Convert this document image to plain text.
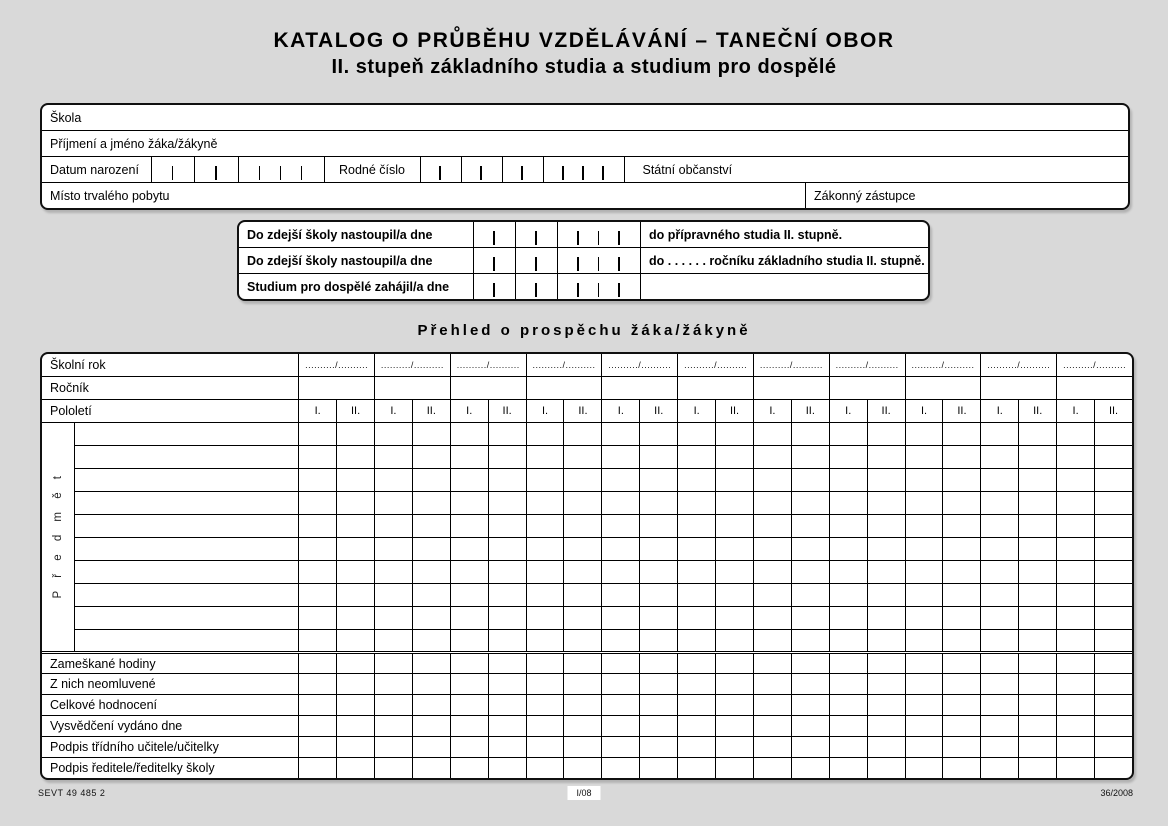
KATALOG O PRŮBĚHU VZDĚLÁVÁNÍ – TANEČNÍ OBOR
II. stupeň základního studia a studium pro dospělé
Škola
Příjmení a jméno žáka/žákyně
Datum narození	Rodné číslo	Státní občanství
Místo trvalého pobytu	Zákonný zástupce
Do zdejší školy nastoupil/a dne	do přípravného studia II. stupně.
Do zdejší školy nastoupil/a dne	do . . . . . . ročníku základního studia II. stupně.
Studium pro dospělé zahájil/a dne
Přehled o prospěchu žáka/žákyně
Školní rok		........../..........		........../..........		........../..........		........../..........		........../..........		........../..........		........../..........		........../..........		........../..........		........../..........		........../..........	
Ročník																							
Pololetí		I.	II.	I.	II.	I.	II.	I.	II.	I.	II.	I.	II.	I.	II.	I.	II.	I.	II.	I.	II.	I.	II.
P ř e d m ě t																							

Zameškané hodiny																							
Z nich neomluvené																							
Celkové hodnocení																							
Vysvědčení vydáno dne																							
Podpis třídního učitele/učitelky																							
Podpis ředitele/ředitelky školy																							
SEVT 49 485 2	I/08	36/2008
